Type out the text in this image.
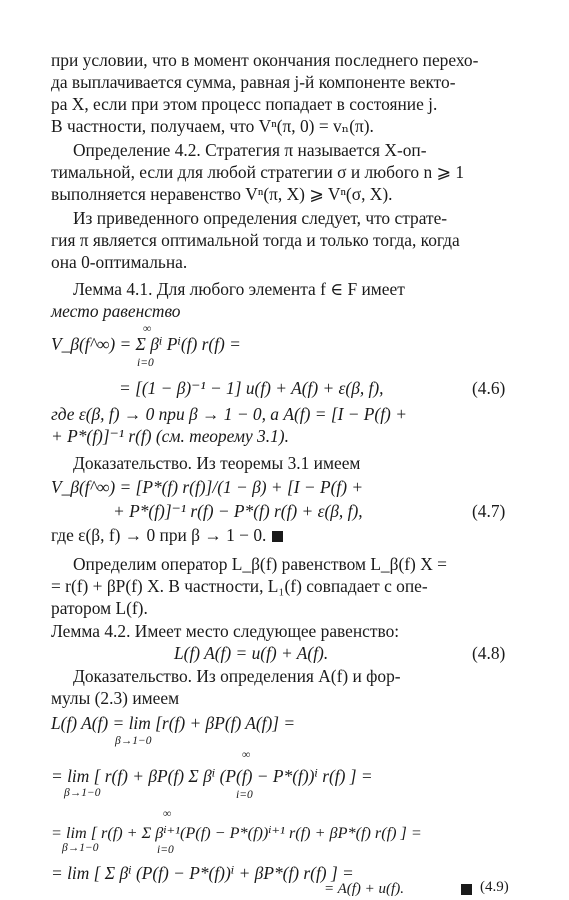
при условии, что в момент окончания последнего перехо-
да выплачивается сумма, равная j-й компоненте векто-
ра X, если при этом процесс попадает в состояние j.
В частности, получаем, что Vⁿ(π, 0) = vₙ(π).
Определение 4.2. Стратегия π называется X-оп-
тимальной, если для любой стратегии σ и любого n ⩾ 1
выполняется неравенство Vⁿ(π, X) ⩾ Vⁿ(σ, X).
Из приведенного определения следует, что страте-
гия π является оптимальной тогда и только тогда, когда
она 0-оптимальна.
Лемма 4.1. Для любого элемента f ∈ F имеет
место равенство
∞
V_β(f^∞) = Σ βⁱ Pⁱ(f) r(f) =
i=0
= [(1 − β)⁻¹ − 1] u(f) + A(f) + ε(β, f),	(4.6)
где ε(β, f) → 0 при β → 1 − 0, а A(f) = [I − P(f) +
+ P*(f)]⁻¹ r(f) (см. теорему 3.1).
Доказательство. Из теоремы 3.1 имеем
V_β(f^∞) = [P*(f) r(f)]/(1 − β) + [I − P(f) +
+ P*(f)]⁻¹ r(f) − P*(f) r(f) + ε(β, f),	(4.7)
где ε(β, f) → 0 при β → 1 − 0.
Определим оператор L_β(f) равенством L_β(f) X =
= r(f) + βP(f) X. В частности, L₁(f) совпадает с опе-
ратором L(f).
Лемма 4.2. Имеет место следующее равенство:
L(f) A(f) = u(f) + A(f).	(4.8)
Доказательство. Из определения A(f) и фор-
мулы (2.3) имеем
L(f) A(f) = lim [r(f) + βP(f) A(f)] =
β→1−0
∞
= lim [ r(f) + βP(f) Σ βⁱ (P(f) − P*(f))ⁱ r(f) ] =
i=0
β→1−0
∞
= lim [ r(f) + Σ βⁱ⁺¹(P(f) − P*(f))ⁱ⁺¹ r(f) + βP*(f) r(f) ] =
i=0
β→1−0
= lim [ Σ βⁱ (P(f) − P*(f))ⁱ + βP*(f) r(f) ] =
= A(f) + u(f).	(4.9)
